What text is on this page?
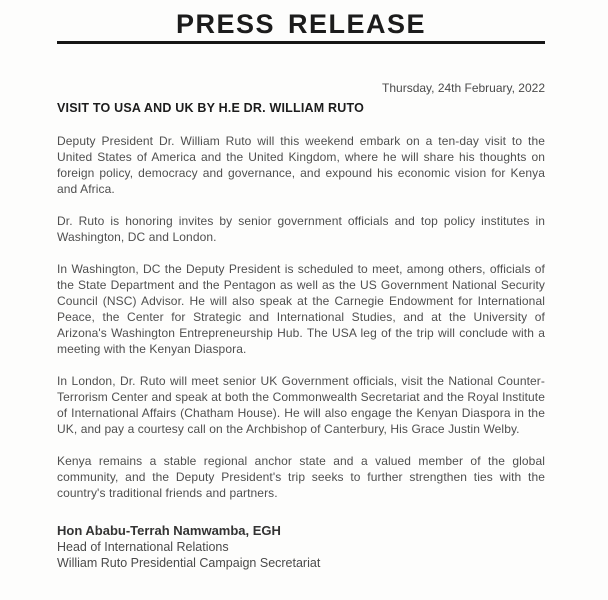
PRESS RELEASE
Thursday, 24th February, 2022
VISIT TO USA AND UK BY H.E DR. WILLIAM RUTO

Deputy President Dr. William Ruto will this weekend embark on a ten-day visit to the United States of America and the United Kingdom, where he will share his thoughts on foreign policy, democracy and governance, and expound his economic vision for Kenya and Africa.

Dr. Ruto is honoring invites by senior government officials and top policy institutes in Washington, DC and London.

In Washington, DC the Deputy President is scheduled to meet, among others, officials of the State Department and the Pentagon as well as the US Government National Security Council (NSC) Advisor. He will also speak at the Carnegie Endowment for International Peace, the Center for Strategic and International Studies, and at the University of Arizona's Washington Entrepreneurship Hub. The USA leg of the trip will conclude with a meeting with the Kenyan Diaspora.

In London, Dr. Ruto will meet senior UK Government officials, visit the National Counter-Terrorism Center and speak at both the Commonwealth Secretariat and the Royal Institute of International Affairs (Chatham House). He will also engage the Kenyan Diaspora in the UK, and pay a courtesy call on the Archbishop of Canterbury, His Grace Justin Welby.

Kenya remains a stable regional anchor state and a valued member of the global community, and the Deputy President's trip seeks to further strengthen ties with the country's traditional friends and partners.

Hon Ababu-Terrah Namwamba, EGH
Head of International Relations
William Ruto Presidential Campaign Secretariat
